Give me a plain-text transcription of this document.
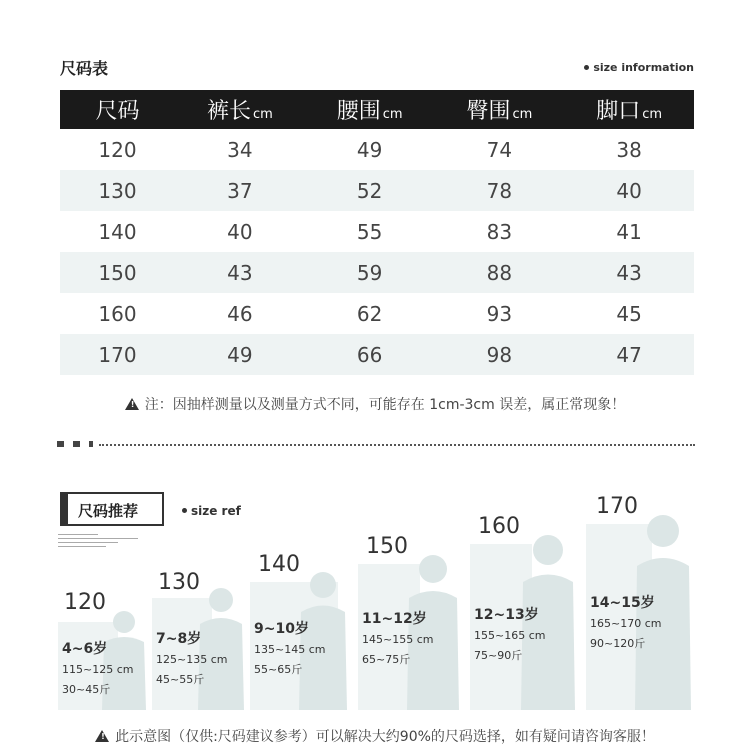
尺码表	size information
尺码	裤长 cm	腰围 cm	臀围 cm	脚口 cm
120	34	49	74	38
130	37	52	78	40
140	40	55	83	41
150	43	59	88	43
160	46	62	93	45
170	49	66	98	47
! 注：因抽样测量以及测量方式不同，可能存在 1cm-3cm 误差，属正常现象！
尺码推荐	size ref
120
4~6岁
115~125 cm
30~45斤
130
7~8岁
125~135 cm
45~55斤
140
9~10岁
135~145 cm
55~65斤
150
11~12岁
145~155 cm
65~75斤
160
12~13岁
155~165 cm
75~90斤
170
14~15岁
165~170 cm
90~120斤
! 此示意图（仅供:尺码建议参考）可以解决大约90%的尺码选择，如有疑问请咨询客服！
